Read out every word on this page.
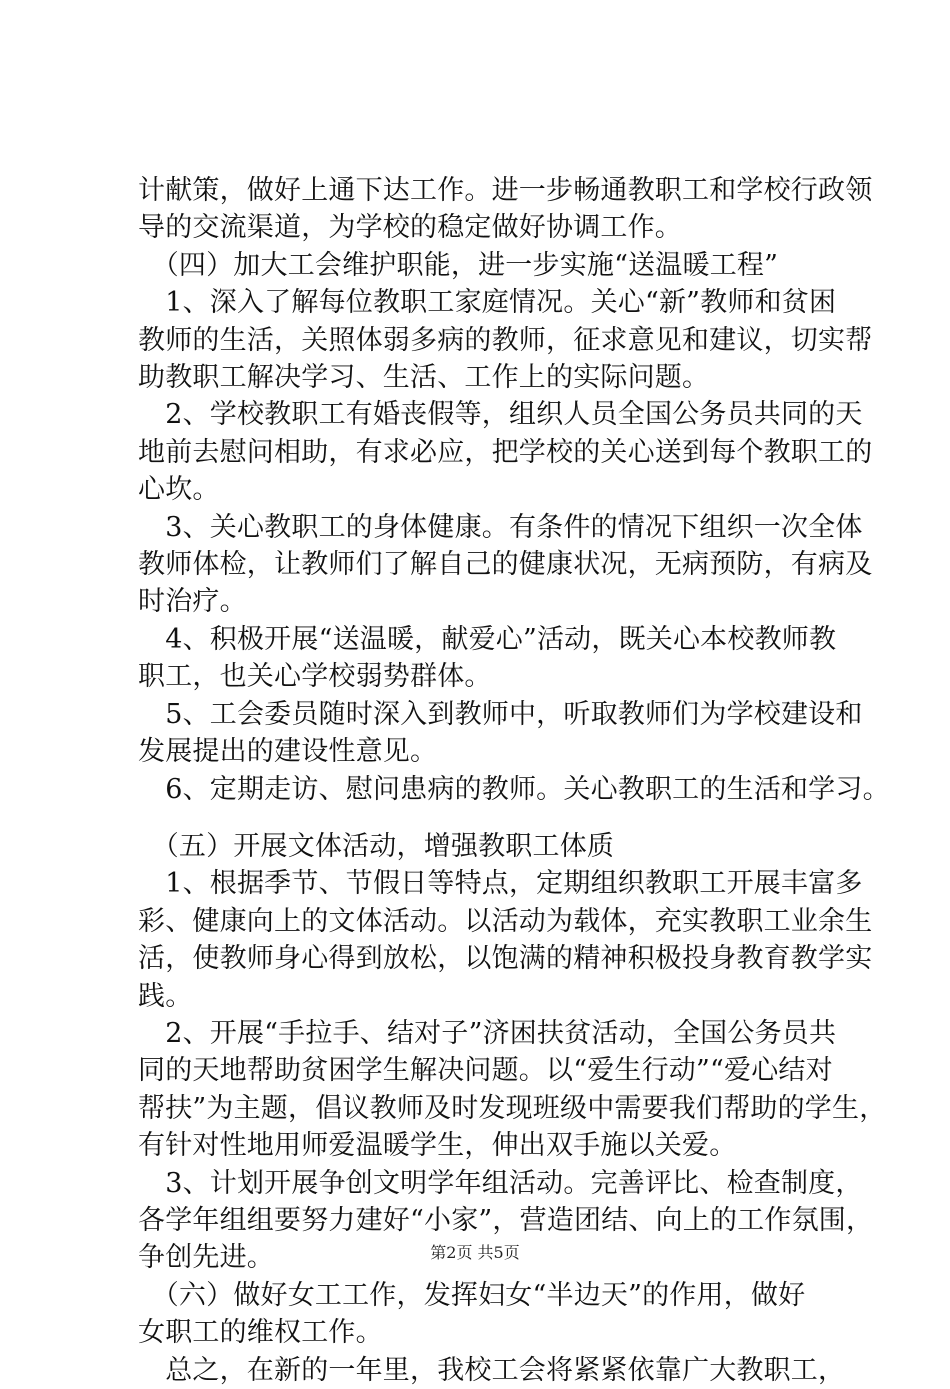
计献策，做好上通下达工作。进一步畅通教职工和学校行政领
导的交流渠道，为学校的稳定做好协调工作。
　（四）加大工会维护职能，进一步实施“送温暖工程”
　1、深入了解每位教职工家庭情况。关心“新”教师和贫困
教师的生活，关照体弱多病的教师，征求意见和建议，切实帮
助教职工解决学习、生活、工作上的实际问题。
　2、学校教职工有婚丧假等，组织人员全国公务员共同的天
地前去慰问相助，有求必应，把学校的关心送到每个教职工的
心坎。
　3、关心教职工的身体健康。有条件的情况下组织一次全体
教师体检，让教师们了解自己的健康状况，无病预防，有病及
时治疗。
　4、积极开展“送温暖，献爱心”活动，既关心本校教师教
职工，也关心学校弱势群体。
　5、工会委员随时深入到教师中，听取教师们为学校建设和
发展提出的建设性意见。
　6、定期走访、慰问患病的教师。关心教职工的生活和学习。
　（五）开展文体活动，增强教职工体质
　1、根据季节、节假日等特点，定期组织教职工开展丰富多
彩、健康向上的文体活动。以活动为载体，充实教职工业余生
活，使教师身心得到放松，以饱满的精神积极投身教育教学实
践。
　2、开展“手拉手、结对子”济困扶贫活动，全国公务员共
同的天地帮助贫困学生解决问题。以“爱生行动”“爱心结对
帮扶”为主题，倡议教师及时发现班级中需要我们帮助的学生，
有针对性地用师爱温暖学生，伸出双手施以关爱。
　3、计划开展争创文明学年组活动。完善评比、检查制度，
各学年组组要努力建好“小家”，营造团结、向上的工作氛围，
争创先进。
　（六）做好女工工作，发挥妇女“半边天”的作用，做好
女职工的维权工作。
　总之，在新的一年里，我校工会将紧紧依靠广大教职工，
第2页 共5页
